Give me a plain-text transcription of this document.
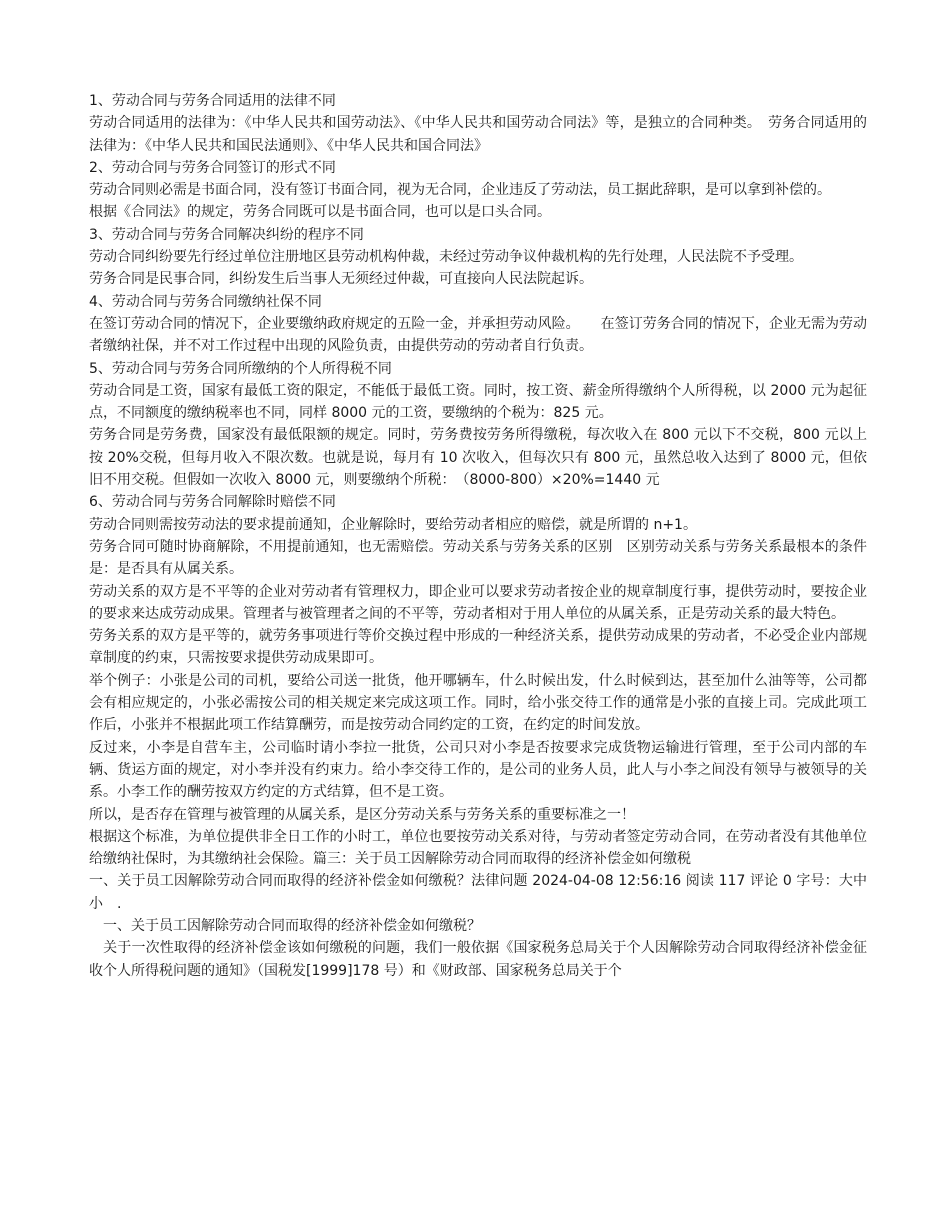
1、劳动合同与劳务合同适用的法律不同

劳动合同适用的法律为：《中华人民共和国劳动法》、《中华人民共和国劳动合同法》等，是独立的合同种类。　劳务合同适用的法律为：《中华人民共和国民法通则》、《中华人民共和国合同法》

2、劳动合同与劳务合同签订的形式不同

劳动合同则必需是书面合同，没有签订书面合同，视为无合同，企业违反了劳动法，员工据此辞职，是可以拿到补偿的。

根据《合同法》的规定，劳务合同既可以是书面合同，也可以是口头合同。

3、劳动合同与劳务合同解决纠纷的程序不同

劳动合同纠纷要先行经过单位注册地区县劳动机构仲裁，未经过劳动争议仲裁机构的先行处理，人民法院不予受理。

劳务合同是民事合同，纠纷发生后当事人无须经过仲裁，可直接向人民法院起诉。

4、劳动合同与劳务合同缴纳社保不同

在签订劳动合同的情况下，企业要缴纳政府规定的五险一金，并承担劳动风险。　　在签订劳务合同的情况下，企业无需为劳动者缴纳社保，并不对工作过程中出现的风险负责，由提供劳动的劳动者自行负责。

5、劳动合同与劳务合同所缴纳的个人所得税不同

劳动合同是工资，国家有最低工资的限定，不能低于最低工资。同时，按工资、薪金所得缴纳个人所得税，以 2000 元为起征点，不同额度的缴纳税率也不同，同样 8000 元的工资，要缴纳的个税为：825 元。

劳务合同是劳务费，国家没有最低限额的规定。同时，劳务费按劳务所得缴税，每次收入在 800 元以下不交税，800 元以上按 20%交税，但每月收入不限次数。也就是说，每月有 10 次收入，但每次只有 800 元，虽然总收入达到了 8000 元，但依旧不用交税。但假如一次收入 8000 元，则要缴纳个所税：　（8000-800）×20%=1440 元

6、劳动合同与劳务合同解除时赔偿不同

劳动合同则需按劳动法的要求提前通知，企业解除时，要给劳动者相应的赔偿，就是所谓的 n+1。

劳务合同可随时协商解除，不用提前通知，也无需赔偿。劳动关系与劳务关系的区别　区别劳动关系与劳务关系最根本的条件是：是否具有从属关系。

劳动关系的双方是不平等的企业对劳动者有管理权力，即企业可以要求劳动者按企业的规章制度行事，提供劳动时，要按企业的要求来达成劳动成果。管理者与被管理者之间的不平等，劳动者相对于用人单位的从属关系，正是劳动关系的最大特色。

劳务关系的双方是平等的，就劳务事项进行等价交换过程中形成的一种经济关系，提供劳动成果的劳动者，不必受企业内部规章制度的约束，只需按要求提供劳动成果即可。

举个例子：小张是公司的司机，要给公司送一批货，他开哪辆车，什么时候出发，什么时候到达，甚至加什么油等等，公司都会有相应规定的，小张必需按公司的相关规定来完成这项工作。同时，给小张交待工作的通常是小张的直接上司。完成此项工作后，小张并不根据此项工作结算酬劳，而是按劳动合同约定的工资，在约定的时间发放。

反过来，小李是自营车主，公司临时请小李拉一批货，公司只对小李是否按要求完成货物运输进行管理，至于公司内部的车辆、货运方面的规定，对小李并没有约束力。给小李交待工作的，是公司的业务人员，此人与小李之间没有领导与被领导的关系。小李工作的酬劳按双方约定的方式结算，但不是工资。

所以，是否存在管理与被管理的从属关系，是区分劳动关系与劳务关系的重要标准之一！

根据这个标准，为单位提供非全日工作的小时工，单位也要按劳动关系对待，与劳动者签定劳动合同，在劳动者没有其他单位给缴纳社保时，为其缴纳社会保险。篇三：关于员工因解除劳动合同而取得的经济补偿金如何缴税

一、关于员工因解除劳动合同而取得的经济补偿金如何缴税？法律问题 2024-04-08 12:56:16 阅读 117 评论 0 字号：大中小　.

　一、关于员工因解除劳动合同而取得的经济补偿金如何缴税？

　关于一次性取得的经济补偿金该如何缴税的问题，我们一般依据《国家税务总局关于个人因解除劳动合同取得经济补偿金征收个人所得税问题的通知》（国税发[1999]178 号）和《财政部、国家税务总局关于个
